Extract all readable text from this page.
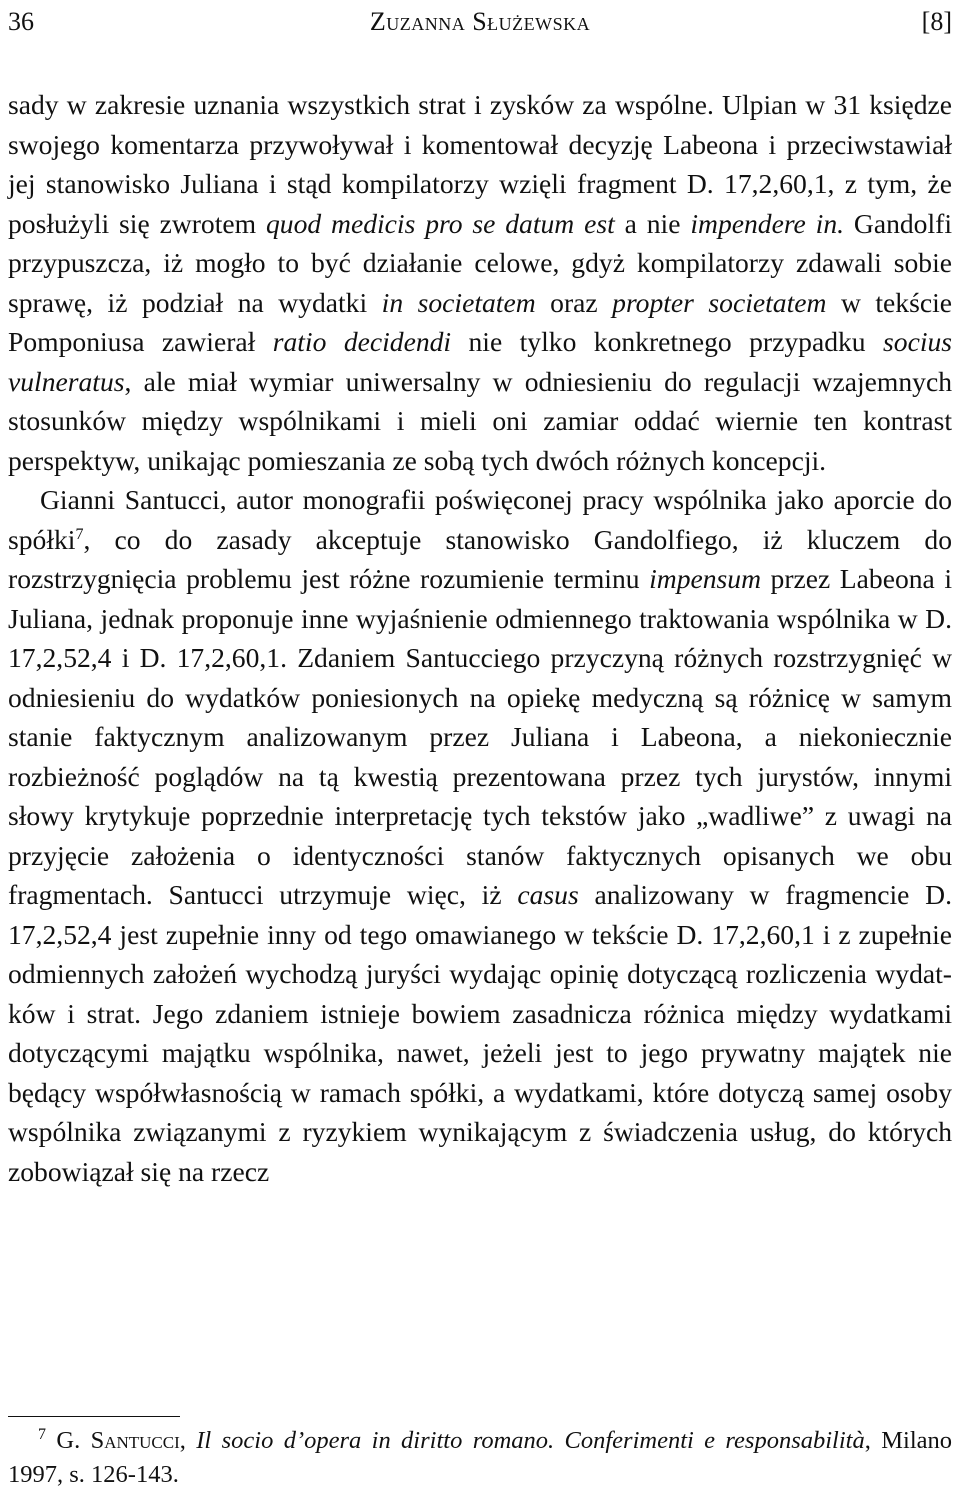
36	Zuzanna Służewska	[8]

sady w zakresie uznania wszystkich strat i zysków za wspólne. Ulpian w 31 księdze swojego komentarza przywoływał i komentował decyzję Labeona i przeciwstawiał jej stanowisko Juliana i stąd kompilatorzy wzięli fragment D. 17,2,60,1, z tym, że posłużyli się zwrotem quod medicis pro se datum est a nie impendere in. Gandolfi przypuszcza, iż mogło to być działanie celowe, gdyż kompilatorzy zdawali sobie sprawę, iż podział na wydatki in societatem oraz propter societatem w tekście Pomponiusa zawierał ratio decidendi nie tylko konkretnego przypadku socius vulneratus, ale miał wymiar uniwersalny w odniesieniu do regulacji wzajemnych stosunków między wspólnikami i mieli oni zamiar oddać wiernie ten kontrast perspektyw, unikając pomieszania ze sobą tych dwóch różnych koncepcji.

Gianni Santucci, autor monografii poświęconej pracy wspólnika jako aporcie do spółki$^7$, co do zasady akceptuje stanowisko Gandolfiego, iż kluczem do rozstrzygnięcia problemu jest różne rozumienie terminu impensum przez Labeona i Juliana, jednak proponuje inne wyjaśnienie odmiennego traktowania wspólnika w D. 17,2,52,4 i D. 17,2,60,1. Zdaniem Santucciego przyczyną różnych rozstrzygnięć w odniesieniu do wydatków poniesionych na opiekę medyczną są różnicę w samym stanie faktycznym analizowanym przez Juliana i Labeona, a niekoniecznie rozbieżność poglądów na tą kwestią prezentowana przez tych jurystów, innymi słowy krytykuje poprzednie interpretację tych tekstów jako „wadliwe” z uwagi na przyjęcie założenia o identyczności stanów faktycznych opisanych we obu fragmentach. Santucci utrzymuje więc, iż casus analizowany w fragmencie D. 17,2,52,4 jest zupełnie inny od tego omawianego w tekście D. 17,2,60,1 i z zupełnie odmiennych założeń wychodzą juryści wydając opinię dotyczącą rozliczenia wydatków i strat. Jego zdaniem istnieje bowiem zasadnicza różnica między wydatkami dotyczącymi majątku wspólnika, nawet, jeżeli jest to jego prywatny majątek nie będący współwłasnością w ramach spółki, a wydatkami, które dotyczą samej osoby wspólnika związanymi z ryzykiem wynikającym z świadczenia usług, do których zobowiązał się na rzecz

$^7$ G. Santucci, Il socio d’opera in diritto romano. Conferimenti e responsabilità, Milano 1997, s. 126-143.
